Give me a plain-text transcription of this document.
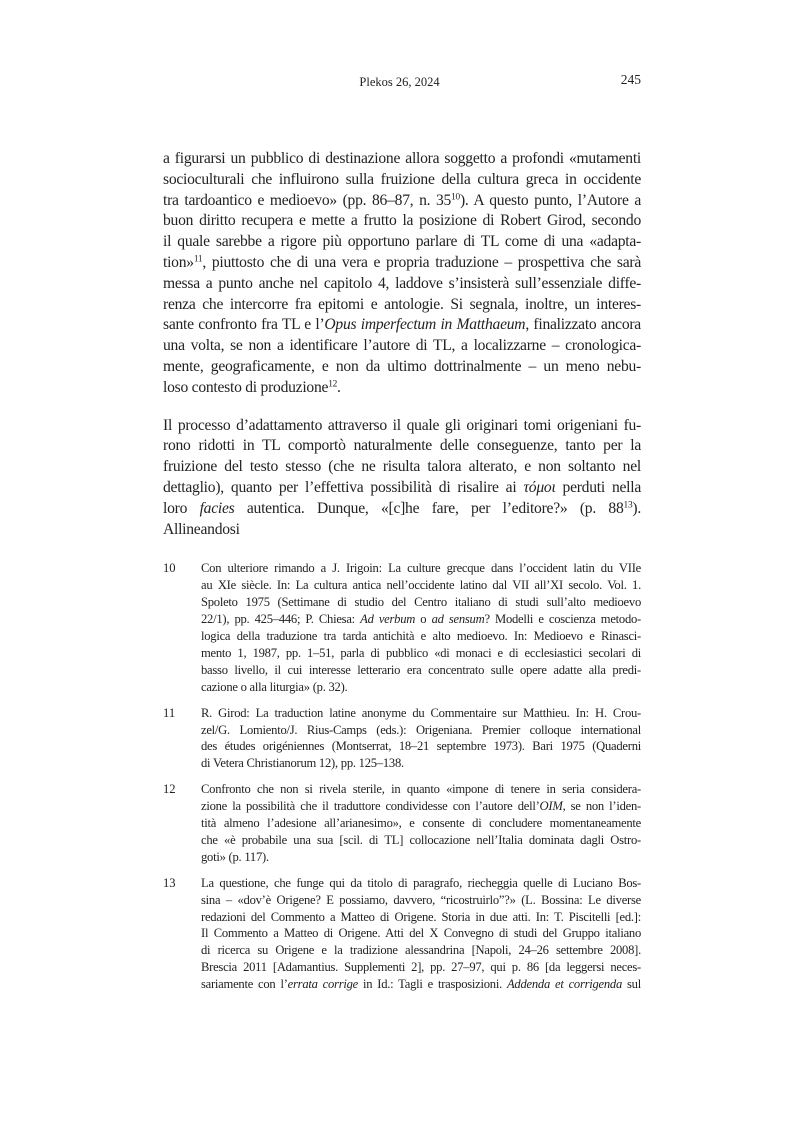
Plekos 26, 2024	245
a figurarsi un pubblico di destinazione allora soggetto a profondi «mutamenti
socioculturali che influirono sulla fruizione della cultura greca in occidente
tra tardoantico e medioevo» (pp. 86–87, n. $35^{10}$). A questo punto, l’Autore a
buon diritto recupera e mette a frutto la posizione di Robert Girod, secondo
il quale sarebbe a rigore più opportuno parlare di TL come di una «adapta-
tion»$^{11}$, piuttosto che di una vera e propria traduzione – prospettiva che sarà
messa a punto anche nel capitolo 4, laddove s’insisterà sull’essenziale diffe-
renza che intercorre fra epitomi e antologie. Si segnala, inoltre, un interes-
sante confronto fra TL e l’Opus imperfectum in Matthaeum, finalizzato ancora
una volta, se non a identificare l’autore di TL, a localizzarne – cronologica-
mente, geograficamente, e non da ultimo dottrinalmente – un meno nebu-
loso contesto di produzione$^{12}$.
Il processo d’adattamento attraverso il quale gli originari tomi origeniani fu-
rono ridotti in TL comportò naturalmente delle conseguenze, tanto per la
fruizione del testo stesso (che ne risulta talora alterato, e non soltanto nel
dettaglio), quanto per l’effettiva possibilità di risalire ai τόμοι perduti nella
loro facies autentica. Dunque, «[c]he fare, per l’editore?» (p. $88^{13}$). Allineandosi
10 Con ulteriore rimando a J. Irigoin: La culture grecque dans l’occident latin du VIIe
au XIe siècle. In: La cultura antica nell’occidente latino dal VII all’XI secolo. Vol. 1.
Spoleto 1975 (Settimane di studio del Centro italiano di studi sull’alto medioevo
22/1), pp. 425–446; P. Chiesa: Ad verbum o ad sensum? Modelli e coscienza metodo-
logica della traduzione tra tarda antichità e alto medioevo. In: Medioevo e Rinasci-
mento 1, 1987, pp. 1–51, parla di pubblico «di monaci e di ecclesiastici secolari di
basso livello, il cui interesse letterario era concentrato sulle opere adatte alla predi-
cazione o alla liturgia» (p. 32).
11 R. Girod: La traduction latine anonyme du Commentaire sur Matthieu. In: H. Crou-
zel/G. Lomiento/J. Rius-Camps (eds.): Origeniana. Premier colloque international
des études origéniennes (Montserrat, 18–21 septembre 1973). Bari 1975 (Quaderni
di Vetera Christianorum 12), pp. 125–138.
12 Confronto che non si rivela sterile, in quanto «impone di tenere in seria considera-
zione la possibilità che il traduttore condividesse con l’autore dell’OIM, se non l’iden-
tità almeno l’adesione all’arianesimo», e consente di concludere momentaneamente
che «è probabile una sua [scil. di TL] collocazione nell’Italia dominata dagli Ostro-
goti» (p. 117).
13 La questione, che funge qui da titolo di paragrafo, riecheggia quelle di Luciano Bos-
sina – «dov’è Origene? E possiamo, davvero, “ricostruirlo”?» (L. Bossina: Le diverse
redazioni del Commento a Matteo di Origene. Storia in due atti. In: T. Piscitelli [ed.]:
Il Commento a Matteo di Origene. Atti del X Convegno di studi del Gruppo italiano
di ricerca su Origene e la tradizione alessandrina [Napoli, 24–26 settembre 2008].
Brescia 2011 [Adamantius. Supplementi 2], pp. 27–97, qui p. 86 [da leggersi neces-
sariamente con l’errata corrige in Id.: Tagli e trasposizioni. Addenda et corrigenda sul
